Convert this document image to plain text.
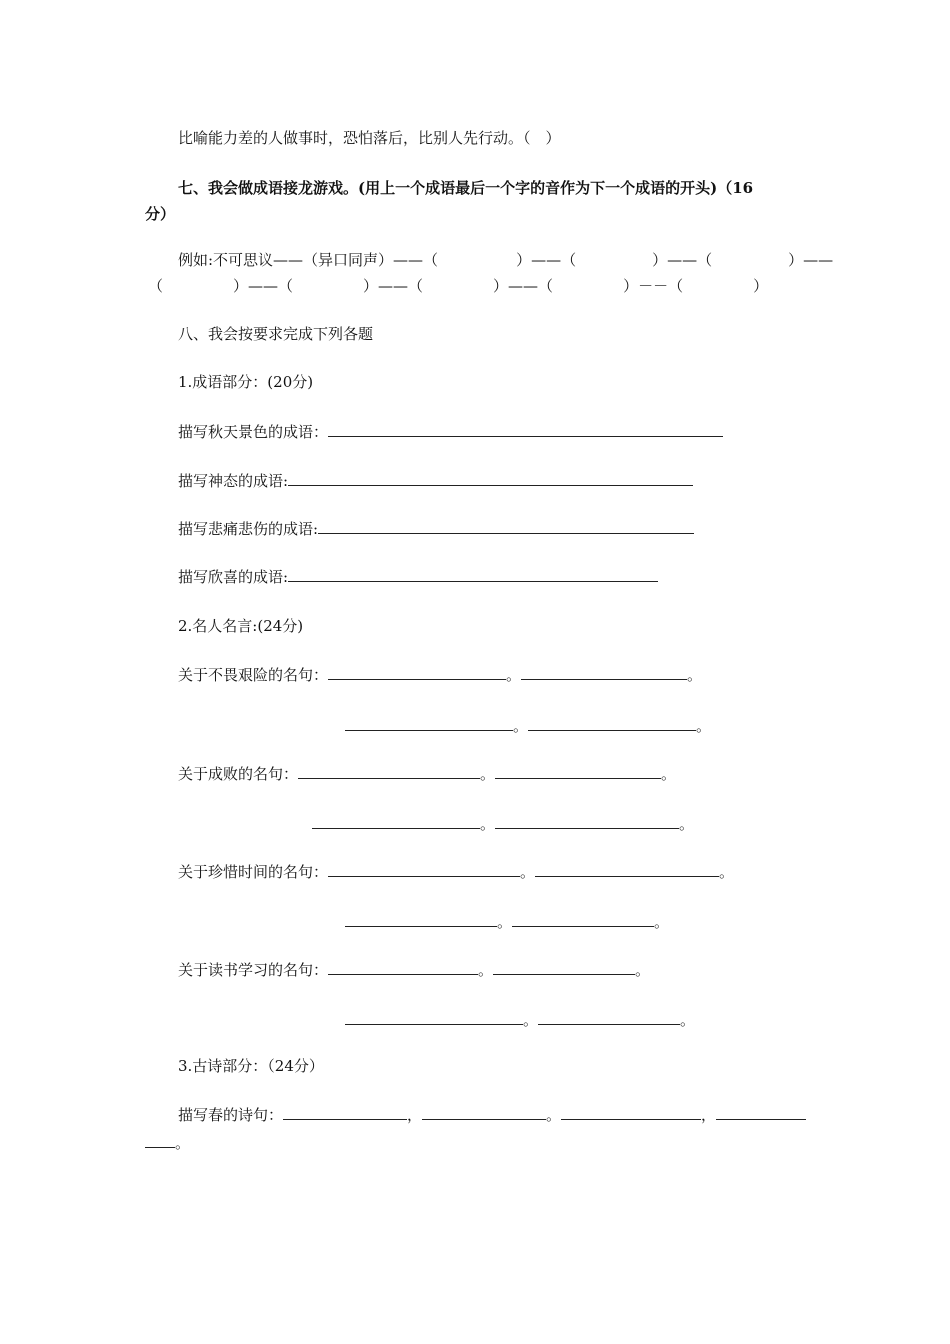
比喻能力差的人做事时，恐怕落后，比别人先行动。（　）
七、我会做成语接龙游戏。(用上一个成语最后一个字的音作为下一个成语的开头)（16
分）
例如:不可思议——（异口同声）——（	）——（	）——（	）——
（	）——（	）——（	）——（	）－－（	）
八、我会按要求完成下列各题
1.成语部分：(20分)
描写秋天景色的成语：
描写神态的成语:
描写悲痛悲伤的成语:
描写欣喜的成语:
2.名人名言:(24分)
关于不畏艰险的名句：	。	。
。	。
关于成败的名句：	。	。
。	。
关于珍惜时间的名句：	。	。
。	。
关于读书学习的名句：	。	。
。	。
3.古诗部分：（24分）
描写春的诗句：	，	。	，
。
